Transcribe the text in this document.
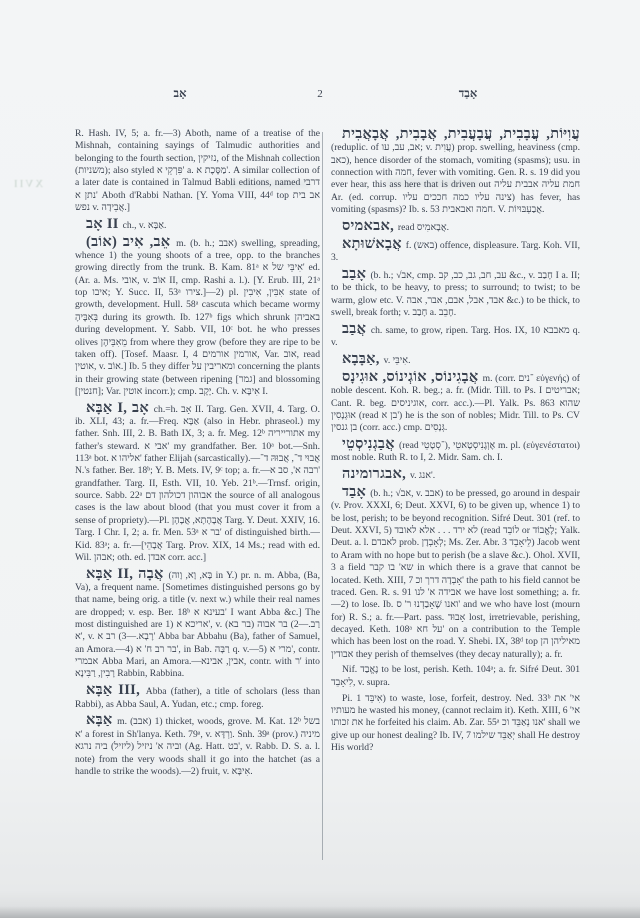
XVII
אָב	2	אָבַד

R. Hash. IV, 5; a. fr.—3) Aboth, name of a treatise of the Mishnah, containing sayings of Talmudic authorities and belonging to the fourth section, נזיקין, of the Mishnah collection (משניות); also styled פִּרְקֵי א' a. מַסֶּכֶת א'. A similar collection of a later date is contained in Talmud Babli editions, named דרבי נתן א' Aboth d'Rabbi Nathan. [Y. Yoma VIII, 44ᵈ top אב בית נפש v. אֲבֵידָה.]

אָב II ch., v. אַבָּא.

אֵב, אִיב (אוֹב) m. (b. h.; אבב) swelling, spreading, whence 1) the young shoots of a tree, opp. to the branches growing directly from the trunk. B. Kam. 81ᵃ אִיבֵּי של א' ed. (Ar. a. Ms. אובי, v. אוֹב II, cmp. Rashi a. l.). [Y. Erub. III, 21ᵃ top איבו; Y. Succ. II, 53ᵃ צירו.]—2) pl. אִבִּין, אִיבִין state of growth, development. Hull. 58ᵃ cascuta which became wormy בְּאִבֶּיהָ during its growth. Ib. 127ᵇ figs which shrunk באביהן during development. Y. Sabb. VII, 10ᶜ bot. he who presses olives מֵאִבֵּיהֶן from where they grow (before they are ripe to be taken off). [Tosef. Maasr. I, 4 אורמין אורמים, Var. אוב, read אוטין, v. אוֹב.] Ib. 5 they differ ומאריבין על concerning the plants in their growing state (between ripening [גמר] and blossoming [חנטין]; Var. אוטין incorr.); cmp. יָקָב. Ch. v. אִיבָּא I.

אַבָּא I, אָב ch.=h. אָב II. Targ. Gen. XVII, 4. Targ. O. ib. XLI, 43; a. fr.—Freq. אַבָּא (also in Hebr. phraseol.) my father. Snh. III, 2. B. Bath IX, 3; a. fr. Meg. 12ᵇ אתורייריה my father's steward. אבי א' my grandfather. Ber. 10ᵃ bot.—Snh. 113ᵃ bot. אליהו א' father Elijah (sarcastically).—אֲבוּי ד־, אֲבוּהּ ד־ N.'s father. Ber. 18ᵇ; Y. B. Mets. IV, 9ᶜ top; a. fr.—רבה א', סב א' grandfather. Targ. II, Esth. VII, 10. Yeb. 21ᵇ.—Trnsf. origin, source. Sabb. 22ᵃ אבוהון דכולהון דם the source of all analogous cases is the law about blood (that you must cover it from a sense of propriety).—Pl. אֲבָהָתָא, אֲבָהָן Targ. Y. Deut. XXIV, 16. Targ. I Chr. I, 2; a. fr. Men. 53ᵃ בר א' of distinguished birth.—Kid. 83ᵃ; a. fr.—[אֲבָהֵי Targ. Prov. XIX, 14 Ms.; read with ed. Wil. אבהן; oth. ed. אבדן corr. acc.]

אַבָּא II, אֲבָה (בָּא, וָא, וָוה in Y.) pr. n. m. Abba, (Ba, Va), a frequent name. [Sometimes distinguished persons go by that name, being orig. a title (v. next w.) while their real names are dropped; v. esp. Ber. 18ᵇ בעינא א' I want Abba &c.] The most distinguished are 1) אריכא א', v. רַב.—2) בר אבוה (בר בא) א', v. רָבָא.—3) רב א' Abba bar Abbahu (Ba), father of Samuel, an Amora.—4) בר רב ח' א', in Bab. רַבָּה q. v.—5) מרי א', contr. אבמרי Abba Mari, an Amora.—אבין, אבינא, contr. with ר' into רָבִין, רַבִּינָא Rabbin, Rabbina.

אַבָּא III, Abba (father), a title of scholars (less than Rabbi), as Abba Saul, A. Yudan, etc.; cmp. foreg.

אַבָּא m. (אבב) 1) thicket, woods, grove. M. Kat. 12ᵇ בשל א' a forest in Sh'lanya. Keth. 79ᵃ, v. וַרְדָּא. Snh. 39ᵃ (prov.) מיניה וביה א' ניזיל (ליזיל) ביה נרגא (Ag. Hatt. בט', v. Rabb. D. S. a. l. note) from the very woods shall it go into the hatchet (as a handle to strike the woods).—2) fruit, v. אִיבָּא.

עֲוִיּוֹת, עֲבָבִית, עֲבָעֲבִית, אֲבָבִית, אֲבָאֲבִית (reduplic. of אב, עב, עו; v. עֲוִית) prop. swelling, heaviness (cmp. כאב), hence disorder of the stomach, vomiting (spasms); usu. in connection with חמה, fever with vomiting. Gen. R. s. 19 did you ever hear, this ass here that is driven out חמת עליה אבבית עליה Ar. (ed. corrup. צינה עליו כמה חככים עליו) has fever, has vomiting (spasms)? Ib. s. 53 חמה ואבאבית. V. אֲבַעְבּוּיוֹת.

אבאמיס, read אֲבָאמִיס.

אֲבָאשׁוּתָא f. (באש) offence, displeasure. Targ. Koh. VII, 3.

אָבַב (b. h.; √אב, cmp. עב, חב, גב, כב, קב &c., v. חָבַב I a. II; to be thick, to be heavy, to press; to surround; to twist; to be warm, glow etc. V. אבד, אבל, אבם, אבר, אבה &c.) to be thick, to swell, break forth; v. חָבַב a. חָבֵב.

אֲבַב ch. same, to grow, ripen. Targ. Hos. IX, 10 מאבבא q. v.

אַבָּבָא, v. אִיבֵּי.

אֲבָגִינוֹס, אוֹגְינוֹס, אוּגִינָס m. (corr. ־נים εὐγενής) of noble descent. Koh. R. beg.; a. fr. (Midr. Till. to Ps. I אבריטים; Cant. R. beg. אוגיניסים, corr. acc.).—Pl. Yalk. Ps. 863 שהוא אוּגְנָסִין (read בן א') he is the son of nobles; Midr. Till. to Ps. CV בן גנסין (corr. acc.) cmp. גְּנָסִים.

אֲבַגְנִיסְטֵי (read ־סְטָטֵי), אֶוְגֶנִיסְטָאטֵי m. pl. (εὐγενέστατοι) most noble. Ruth R. to I, 2. Midr. Sam. ch. I.

אבגרומינה, v. אנג'.

אָבַד (b. h.; √אב, v. אבב) to be pressed, go around in despair (v. Prov. XXXI, 6; Deut. XXVI, 6) to be given up, whence 1) to be lost, perish; to be beyond recognition. Sifré Deut. 301 (ref. to Deut. XXVI, 5) לא ירד . . . אלא לאובד (read לוֹבֵד or לֶאֱבוֹד; Yalk. Deut. a. l. לאבדם prob. לְאָבְדָן; Ms. Zer. Abr. 3 לֵיאָבֵד) Jacob went to Aram with no hope but to perish (be a slave &c.). Ohol. XVII, 3 a field שא' בו קבר in which there is a grave that cannot be located. Keth. XIII, 7 אָבְדָה דרך וכ' the path to his field cannot be traced. Gen. R. s. 91 אבידה א' לנו we have lost something; a. fr.—2) to lose. Ib. ואנו שֶׁאָבַדְנוּ ר' ס' and we who have lost (mourn for) R. S.; a. fr.—Part. pass. אָבוּד lost, irretrievable, perishing, decayed. Keth. 108ᵃ על חא' on a contribution to the Temple which has been lost on the road. Y. Shebi. IX, 38ᵈ top מאיליהן הן אבודין they perish of themselves (they decay naturally); a. fr.

Nif. נֶאֱבַד to be lost, perish. Keth. 104ᵃ; a. fr. Sifré Deut. 301 לִיאָבֵד, v. supra.

Pi. אִיבֵּד 1) to waste, lose, forfeit, destroy. Ned. 33ᵇ אי' את מעותיו he wasted his money, (cannot reclaim it). Keth. XIII, 6 אי' את זכותו he forfeited his claim. Ab. Zar. 55ᵃ אנו נְאַבֵּד וכ' shall we give up our honest dealing? Ib. IV, 7 יְאַבֵּד שילמו shall He destroy His world?
